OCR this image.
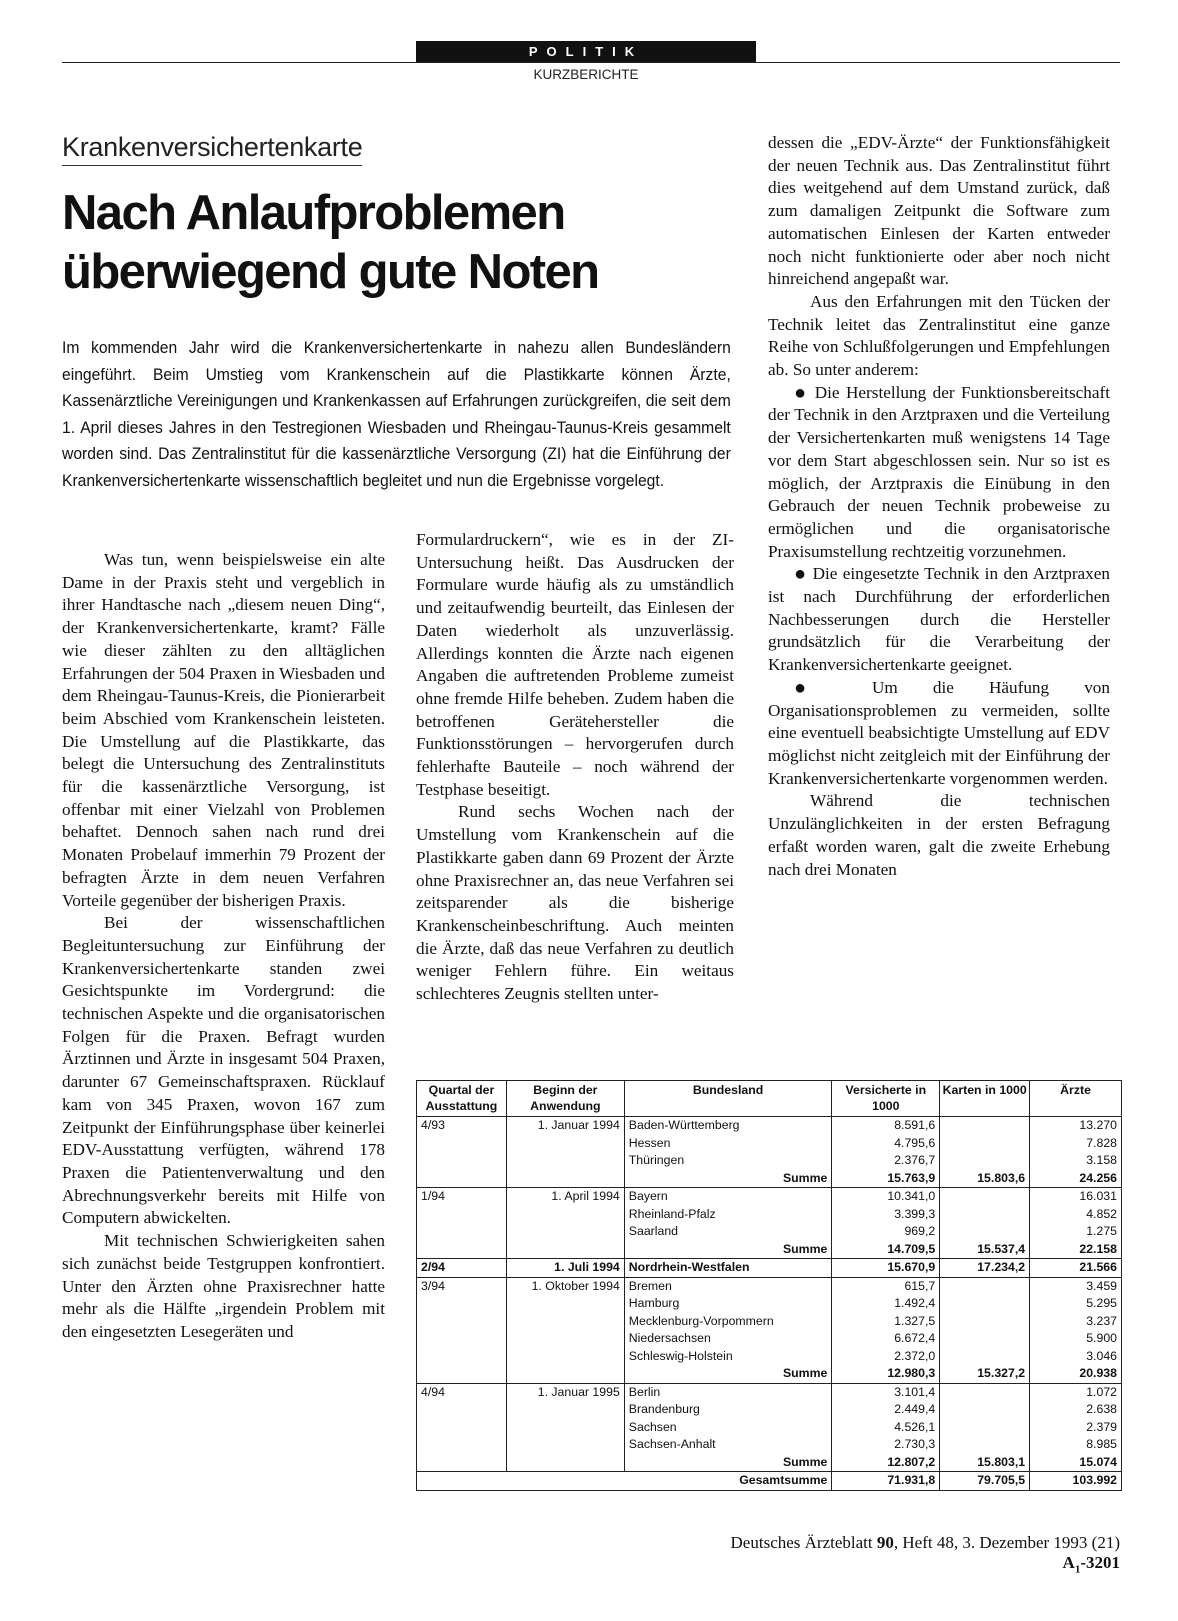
POLITIK
KURZBERICHTE
Krankenversichertenkarte
Nach Anlaufproblemen überwiegend gute Noten

Im kommenden Jahr wird die Krankenversichertenkarte in nahezu allen Bundesländern eingeführt. Beim Umstieg vom Krankenschein auf die Plastikkarte können Ärzte, Kassenärztliche Vereinigungen und Krankenkassen auf Erfahrungen zurückgreifen, die seit dem 1. April dieses Jahres in den Testregionen Wiesbaden und Rheingau-Taunus-Kreis gesammelt worden sind. Das Zentralinstitut für die kassenärztliche Versorgung (ZI) hat die Einführung der Krankenversichertenkarte wissenschaftlich begleitet und nun die Ergebnisse vorgelegt.

Was tun, wenn beispielsweise ein alte Dame in der Praxis steht und vergeblich in ihrer Handtasche nach „diesem neuen Ding“, der Krankenversichertenkarte, kramt? Fälle wie dieser zählten zu den alltäglichen Erfahrungen der 504 Praxen in Wiesbaden und dem Rheingau-Taunus-Kreis, die Pionierarbeit beim Abschied vom Krankenschein leisteten. Die Umstellung auf die Plastikkarte, das belegt die Untersuchung des Zentralinstituts für die kassenärztliche Versorgung, ist offenbar mit einer Vielzahl von Problemen behaftet. Dennoch sahen nach rund drei Monaten Probelauf immerhin 79 Prozent der befragten Ärzte in dem neuen Verfahren Vorteile gegenüber der bisherigen Praxis.

Bei der wissenschaftlichen Begleituntersuchung zur Einführung der Krankenversichertenkarte standen zwei Gesichtspunkte im Vordergrund: die technischen Aspekte und die organisatorischen Folgen für die Praxen. Befragt wurden Ärztinnen und Ärzte in insgesamt 504 Praxen, darunter 67 Gemeinschaftspraxen. Rücklauf kam von 345 Praxen, wovon 167 zum Zeitpunkt der Einführungsphase über keinerlei EDV-Ausstattung verfügten, während 178 Praxen die Patientenverwaltung und den Abrechnungsverkehr bereits mit Hilfe von Computern abwickelten.

Mit technischen Schwierigkeiten sahen sich zunächst beide Testgruppen konfrontiert. Unter den Ärzten ohne Praxisrechner hatte mehr als die Hälfte „irgendein Problem mit den eingesetzten Lesegeräten und

Formulardruckern“, wie es in der ZI-Untersuchung heißt. Das Ausdrucken der Formulare wurde häufig als zu umständlich und zeitaufwendig beurteilt, das Einlesen der Daten wiederholt als unzuverlässig. Allerdings konnten die Ärzte nach eigenen Angaben die auftretenden Probleme zumeist ohne fremde Hilfe beheben. Zudem haben die betroffenen Gerätehersteller die Funktionsstörungen – hervorgerufen durch fehlerhafte Bauteile – noch während der Testphase beseitigt.

Rund sechs Wochen nach der Umstellung vom Krankenschein auf die Plastikkarte gaben dann 69 Prozent der Ärzte ohne Praxisrechner an, das neue Verfahren sei zeitsparender als die bisherige Krankenscheinbeschriftung. Auch meinten die Ärzte, daß das neue Verfahren zu deutlich weniger Fehlern führe. Ein weitaus schlechteres Zeugnis stellten unter-

dessen die „EDV-Ärzte“ der Funktionsfähigkeit der neuen Technik aus. Das Zentralinstitut führt dies weitgehend auf dem Umstand zurück, daß zum damaligen Zeitpunkt die Software zum automatischen Einlesen der Karten entweder noch nicht funktionierte oder aber noch nicht hinreichend angepaßt war.

Aus den Erfahrungen mit den Tücken der Technik leitet das Zentralinstitut eine ganze Reihe von Schlußfolgerungen und Empfehlungen ab. So unter anderem:

● Die Herstellung der Funktionsbereitschaft der Technik in den Arztpraxen und die Verteilung der Versichertenkarten muß wenigstens 14 Tage vor dem Start abgeschlossen sein. Nur so ist es möglich, der Arztpraxis die Einübung in den Gebrauch der neuen Technik probeweise zu ermöglichen und die organisatorische Praxisumstellung rechtzeitig vorzunehmen.

● Die eingesetzte Technik in den Arztpraxen ist nach Durchführung der erforderlichen Nachbesserungen durch die Hersteller grundsätzlich für die Verarbeitung der Krankenversichertenkarte geeignet.

● Um die Häufung von Organisationsproblemen zu vermeiden, sollte eine eventuell beabsichtigte Umstellung auf EDV möglichst nicht zeitgleich mit der Einführung der Krankenversichertenkarte vorgenommen werden.

Während die technischen Unzulänglichkeiten in der ersten Befragung erfaßt worden waren, galt die zweite Erhebung nach drei Monaten

Quartal der Ausstattung	Beginn der Anwendung	Bundesland	Versicherte in 1000	Karten in 1000	Ärzte
4/93	1. Januar 1994	Baden-Württemberg	8.591,6		13.270
		Hessen	4.795,6		7.828
		Thüringen	2.376,7		3.158
		Summe	15.763,9	15.803,6	24.256
1/94	1. April 1994	Bayern	10.341,0		16.031
		Rheinland-Pfalz	3.399,3		4.852
		Saarland	969,2		1.275
		Summe	14.709,5	15.537,4	22.158
2/94	1. Juli 1994	Nordrhein-Westfalen	15.670,9	17.234,2	21.566
3/94	1. Oktober 1994	Bremen	615,7		3.459
		Hamburg	1.492,4		5.295
		Mecklenburg-Vorpommern	1.327,5		3.237
		Niedersachsen	6.672,4		5.900
		Schleswig-Holstein	2.372,0		3.046
		Summe	12.980,3	15.327,2	20.938
4/94	1. Januar 1995	Berlin	3.101,4		1.072
		Brandenburg	2.449,4		2.638
		Sachsen	4.526,1		2.379
		Sachsen-Anhalt	2.730,3		8.985
		Summe	12.807,2	15.803,1	15.074
Gesamtsumme			71.931,8	79.705,5	103.992
Deutsches Ärzteblatt 90, Heft 48, 3. Dezember 1993 (21)  $A_1-3201$
